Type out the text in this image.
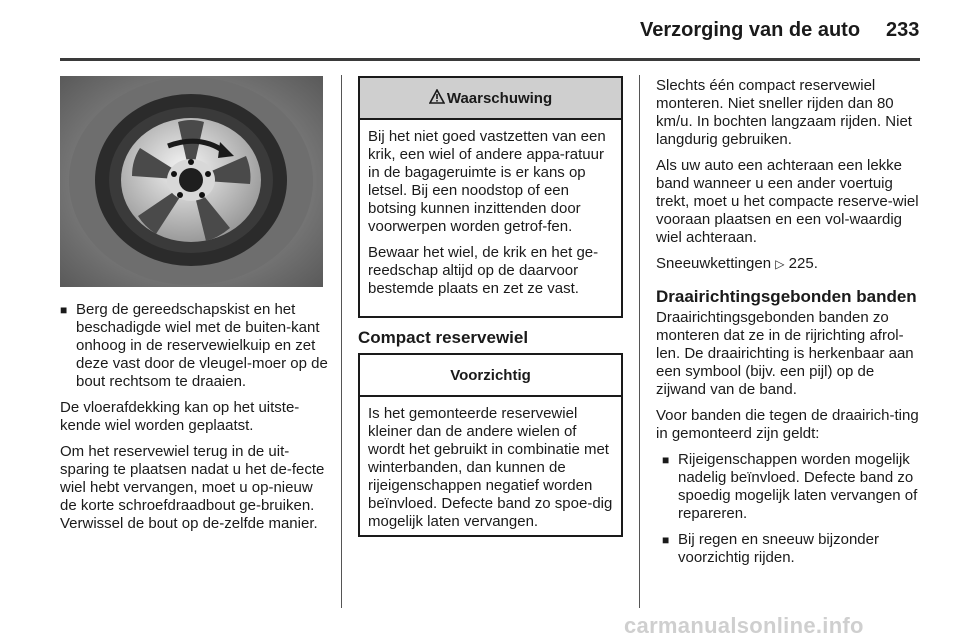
Verzorging van de auto 233
■ Berg de gereedschapskist en het beschadigde wiel met de buiten-kant onhoog in de reservewielkuip en zet deze vast door de vleugel-moer op de bout rechtsom te draaien.

De vloerafdekking kan op het uitste-kende wiel worden geplaatst.

Om het reservewiel terug in de uit-sparing te plaatsen nadat u het de-fecte wiel hebt vervangen, moet u op-nieuw de korte schroefdraadbout ge-bruiken. Verwissel de bout op de-zelfde manier.

Waarschuwing

Bij het niet goed vastzetten van een krik, een wiel of andere appa-ratuur in de bagageruimte is er kans op letsel. Bij een noodstop of een botsing kunnen inzittenden door voorwerpen worden getrof-fen.

Bewaar het wiel, de krik en het ge-reedschap altijd op de daarvoor bestemde plaats en zet ze vast.

Compact reservewiel
Voorzichtig

Is het gemonteerde reservewiel kleiner dan de andere wielen of wordt het gebruikt in combinatie met winterbanden, dan kunnen de rijeigenschappen negatief worden beïnvloed. Defecte band zo spoe-dig mogelijk laten vervangen.

Slechts één compact reservewiel monteren. Niet sneller rijden dan 80 km/u. In bochten langzaam rijden. Niet langdurig gebruiken.

Als uw auto een achteraan een lekke band wanneer u een ander voertuig trekt, moet u het compacte reserve-wiel vooraan plaatsen en een vol-waardig wiel achteraan.

Sneeuwkettingen ▷ 225.

Draairichtingsgebonden banden

Draairichtingsgebonden banden zo monteren dat ze in de rijrichting afrol-len. De draairichting is herkenbaar aan een symbool (bijv. een pijl) op de zijwand van de band.

Voor banden die tegen de draairich-ting in gemonteerd zijn geldt:

■ Rijeigenschappen worden mogelijk nadelig beïnvloed. Defecte band zo spoedig mogelijk laten vervangen of repareren.
■ Bij regen en sneeuw bijzonder voorzichtig rijden.
carmanualsonline.info
